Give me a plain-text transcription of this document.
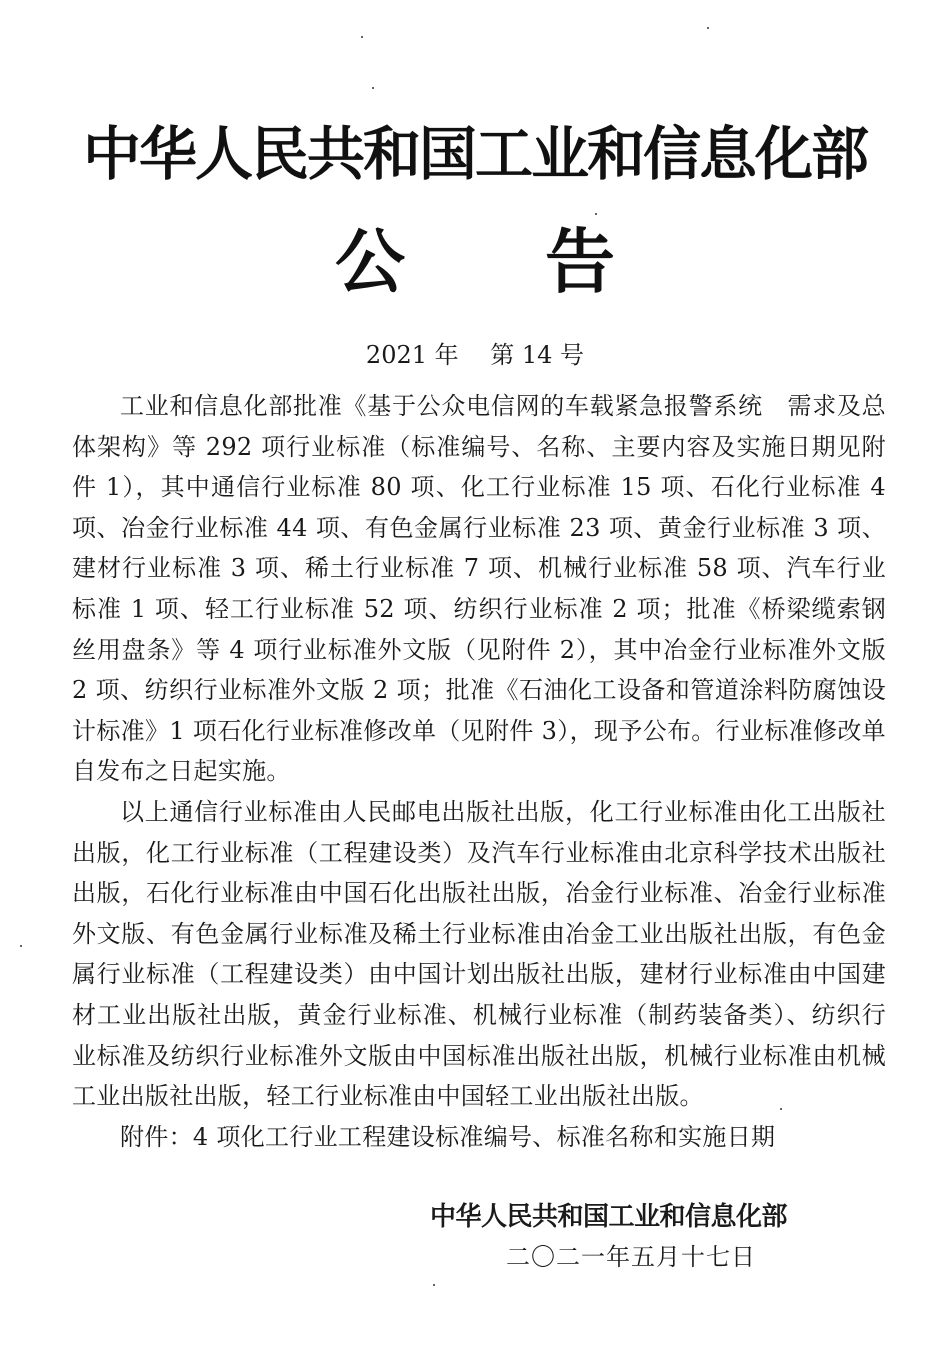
中华人民共和国工业和信息化部
公　　告
2021 年　 第 14 号

工业和信息化部批准《基于公众电信网的车载紧急报警系统　需求及总体架构》等 292 项行业标准（标准编号、名称、主要内容及实施日期见附件 1），其中通信行业标准 80 项、化工行业标准 15 项、石化行业标准 4 项、冶金行业标准 44 项、有色金属行业标准 23 项、黄金行业标准 3 项、建材行业标准 3 项、稀土行业标准 7 项、机械行业标准 58 项、汽车行业标准 1 项、轻工行业标准 52 项、纺织行业标准 2 项；批准《桥梁缆索钢丝用盘条》等 4 项行业标准外文版（见附件 2），其中冶金行业标准外文版 2 项、纺织行业标准外文版 2 项；批准《石油化工设备和管道涂料防腐蚀设计标准》1 项石化行业标准修改单（见附件 3），现予公布。行业标准修改单自发布之日起实施。

以上通信行业标准由人民邮电出版社出版，化工行业标准由化工出版社出版，化工行业标准（工程建设类）及汽车行业标准由北京科学技术出版社出版，石化行业标准由中国石化出版社出版，冶金行业标准、冶金行业标准外文版、有色金属行业标准及稀土行业标准由冶金工业出版社出版，有色金属行业标准（工程建设类）由中国计划出版社出版，建材行业标准由中国建材工业出版社出版，黄金行业标准、机械行业标准（制药装备类）、纺织行业标准及纺织行业标准外文版由中国标准出版社出版，机械行业标准由机械工业出版社出版，轻工行业标准由中国轻工业出版社出版。

附件：4 项化工行业工程建设标准编号、标准名称和实施日期

中华人民共和国工业和信息化部
二〇二一年五月十七日
